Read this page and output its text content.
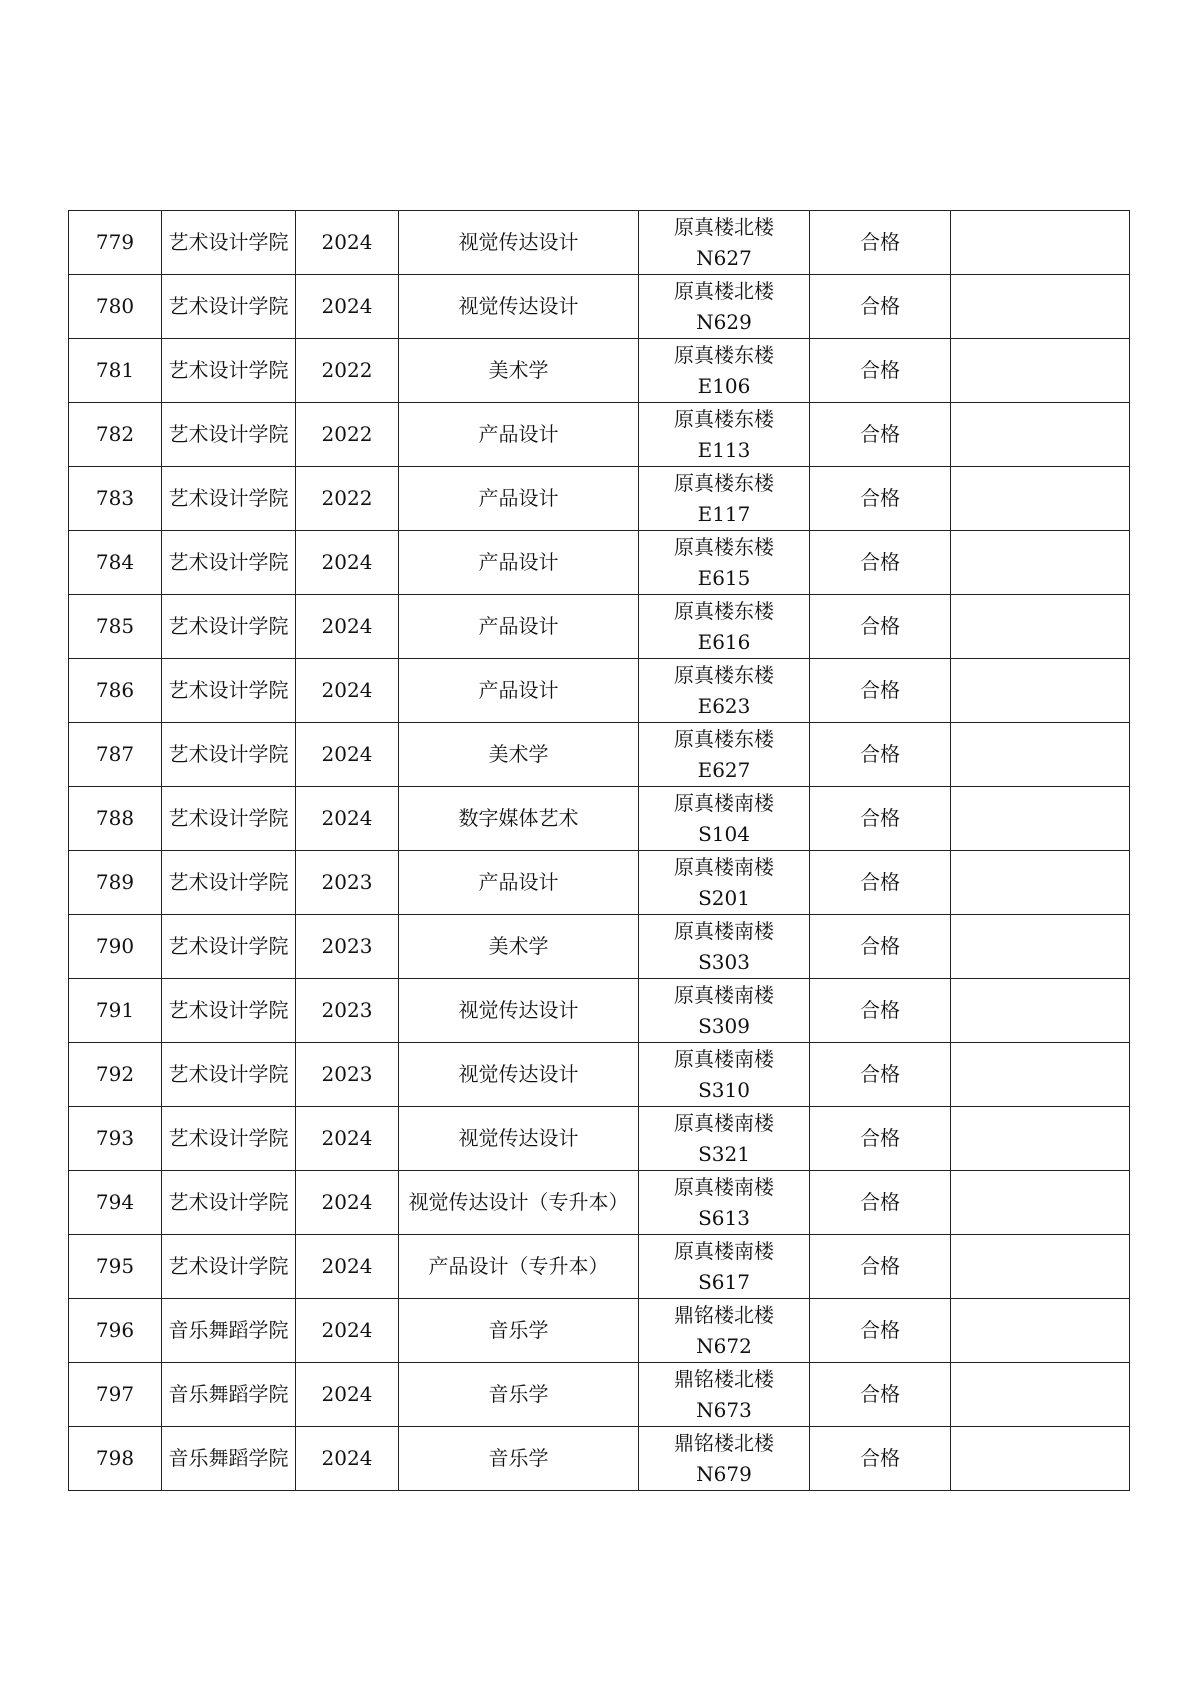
779	艺术设计学院	2024	视觉传达设计	原真楼北楼
N627	合格	

780	艺术设计学院	2024	视觉传达设计	原真楼北楼
N629	合格	

781	艺术设计学院	2022	美术学	原真楼东楼
E106	合格	

782	艺术设计学院	2022	产品设计	原真楼东楼
E113	合格	

783	艺术设计学院	2022	产品设计	原真楼东楼
E117	合格	

784	艺术设计学院	2024	产品设计	原真楼东楼
E615	合格	

785	艺术设计学院	2024	产品设计	原真楼东楼
E616	合格	

786	艺术设计学院	2024	产品设计	原真楼东楼
E623	合格	

787	艺术设计学院	2024	美术学	原真楼东楼
E627	合格	

788	艺术设计学院	2024	数字媒体艺术	原真楼南楼
S104	合格	

789	艺术设计学院	2023	产品设计	原真楼南楼
S201	合格	

790	艺术设计学院	2023	美术学	原真楼南楼
S303	合格	

791	艺术设计学院	2023	视觉传达设计	原真楼南楼
S309	合格	

792	艺术设计学院	2023	视觉传达设计	原真楼南楼
S310	合格	

793	艺术设计学院	2024	视觉传达设计	原真楼南楼
S321	合格	

794	艺术设计学院	2024	视觉传达设计（专升本）	原真楼南楼
S613	合格	

795	艺术设计学院	2024	产品设计（专升本）	原真楼南楼
S617	合格	

796	音乐舞蹈学院	2024	音乐学	鼎铭楼北楼
N672	合格	

797	音乐舞蹈学院	2024	音乐学	鼎铭楼北楼
N673	合格	

798	音乐舞蹈学院	2024	音乐学	鼎铭楼北楼
N679	合格	
